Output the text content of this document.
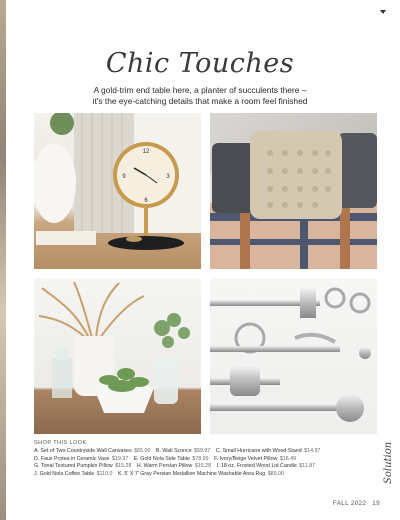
Chic Touches
A gold-trim end table here, a planter of succulents there –
it's the eye-catching details that make a room feel finished
12
3
6
9
SHOP THIS LOOK
A. Set of Two Countryside Wall Canvases $65.00 B. Wall Sconce $59.97 C. Small Hurricane with Wood Stand $14.97
D. Faux Protea in Ceramic Vase $19.97 E. Gold Nola Side Table $78.99 F. Ivory/Beige Velvet Pillow $16.49
G. Tonal Textured Pumpkin Pillow $15.28 H. Warm Persian Pillow $15.28 I. 18 oz. Frosted Wood Lid Candle $11.87
J. Gold Nola Coffee Table $110.0 K. 5' X 7' Gray Persian Medallion Machine Washable Area Rug $89.00	Solution
FALL 2022 19
